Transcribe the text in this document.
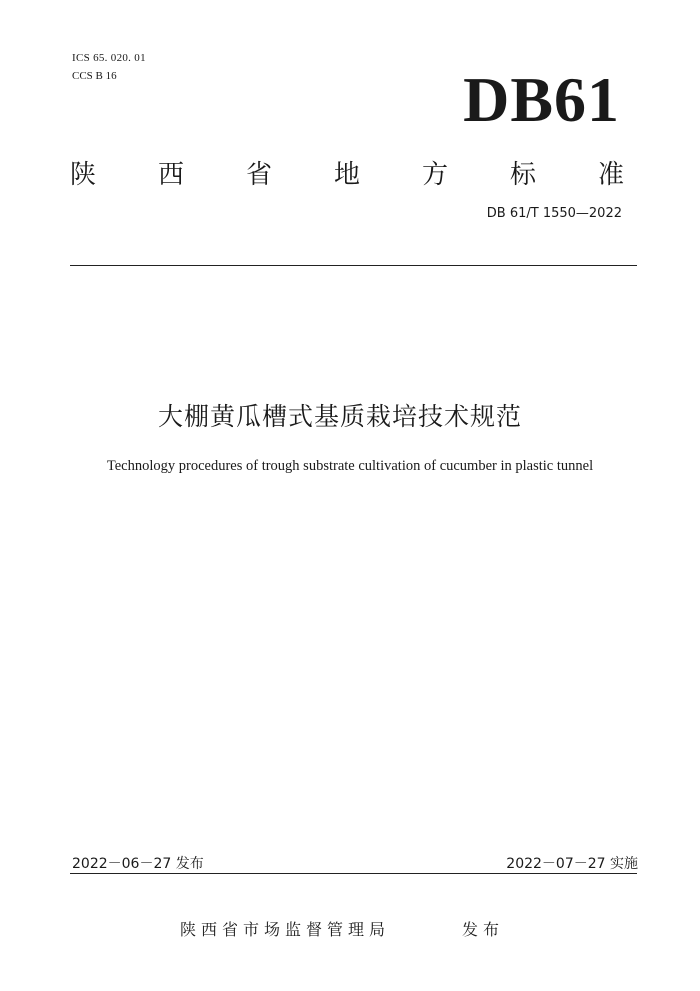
ICS 65. 020. 01
CCS B 16	DB61
陕 西 省 地 方 标 准
DB 61/T 1550—2022
大棚黄瓜槽式基质栽培技术规范
Technology procedures of trough substrate cultivation of cucumber in plastic tunnel
2022－06－27 发布	2022－07－27 实施
陕西省市场监督管理局	发布
